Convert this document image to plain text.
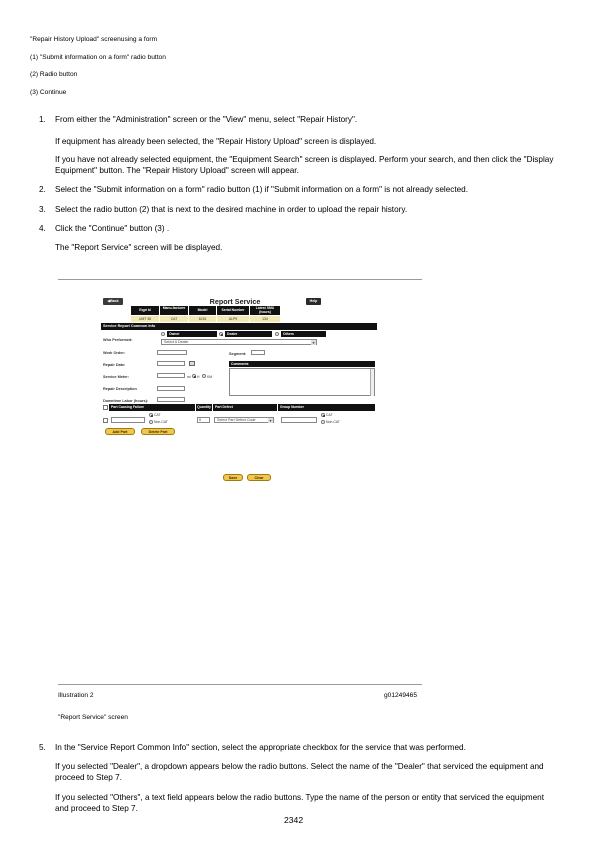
"Repair History Upload" screenusing a form
(1) "Submit information on a form" radio button
(2) Radio button
(3) Continue
1.	From either the "Administration" screen or the "View" menu, select "Repair History".
If equipment has already been selected, the "Repair History Upload" screen is displayed.
If you have not already selected equipment, the "Equipment Search" screen is displayed. Perform your search, and then click the "Display Equipment" button. The "Repair History Upload" screen will appear.
2.	Select the "Submit information on a form" radio button (1) if "Submit information on a form" is not already selected.
3.	Select the radio button (2) that is next to the desired machine in order to upload the repair history.
4.	Click the "Continue" button (3) .
The "Report Service" screen will be displayed.
◀Back	Report Service	Help
Eqpt Id	Manu-facturer	Model	Serial Number	Latest SMU (hours)
UMT 38	CAT	6215	ALP9	134
Service Report Common Info
Who Performed:
Owner	Dealer	Others
Select A Dealer ▾
Work Order:	Segment:
Repair Date:	Comments
Service Meter:	mi H KM
Repair Description
Downtime Labor (hours):
Part Causing Failure	Quantity	Part Defect	Group Number
CAT
Non-CAT	0	Select Part Defect Code ▾
CAT
Non-CAT
Add Part	Delete Part
Save	Clear
Illustration 2	g01249465
"Report Service" screen
5.	In the "Service Report Common Info" section, select the appropriate checkbox for the service that was performed.
If you selected "Dealer", a dropdown appears below the radio buttons. Select the name of the "Dealer" that serviced the equipment and proceed to Step 7.
If you selected "Others", a text field appears below the radio buttons. Type the name of the person or entity that serviced the equipment and proceed to Step 7.
2342
